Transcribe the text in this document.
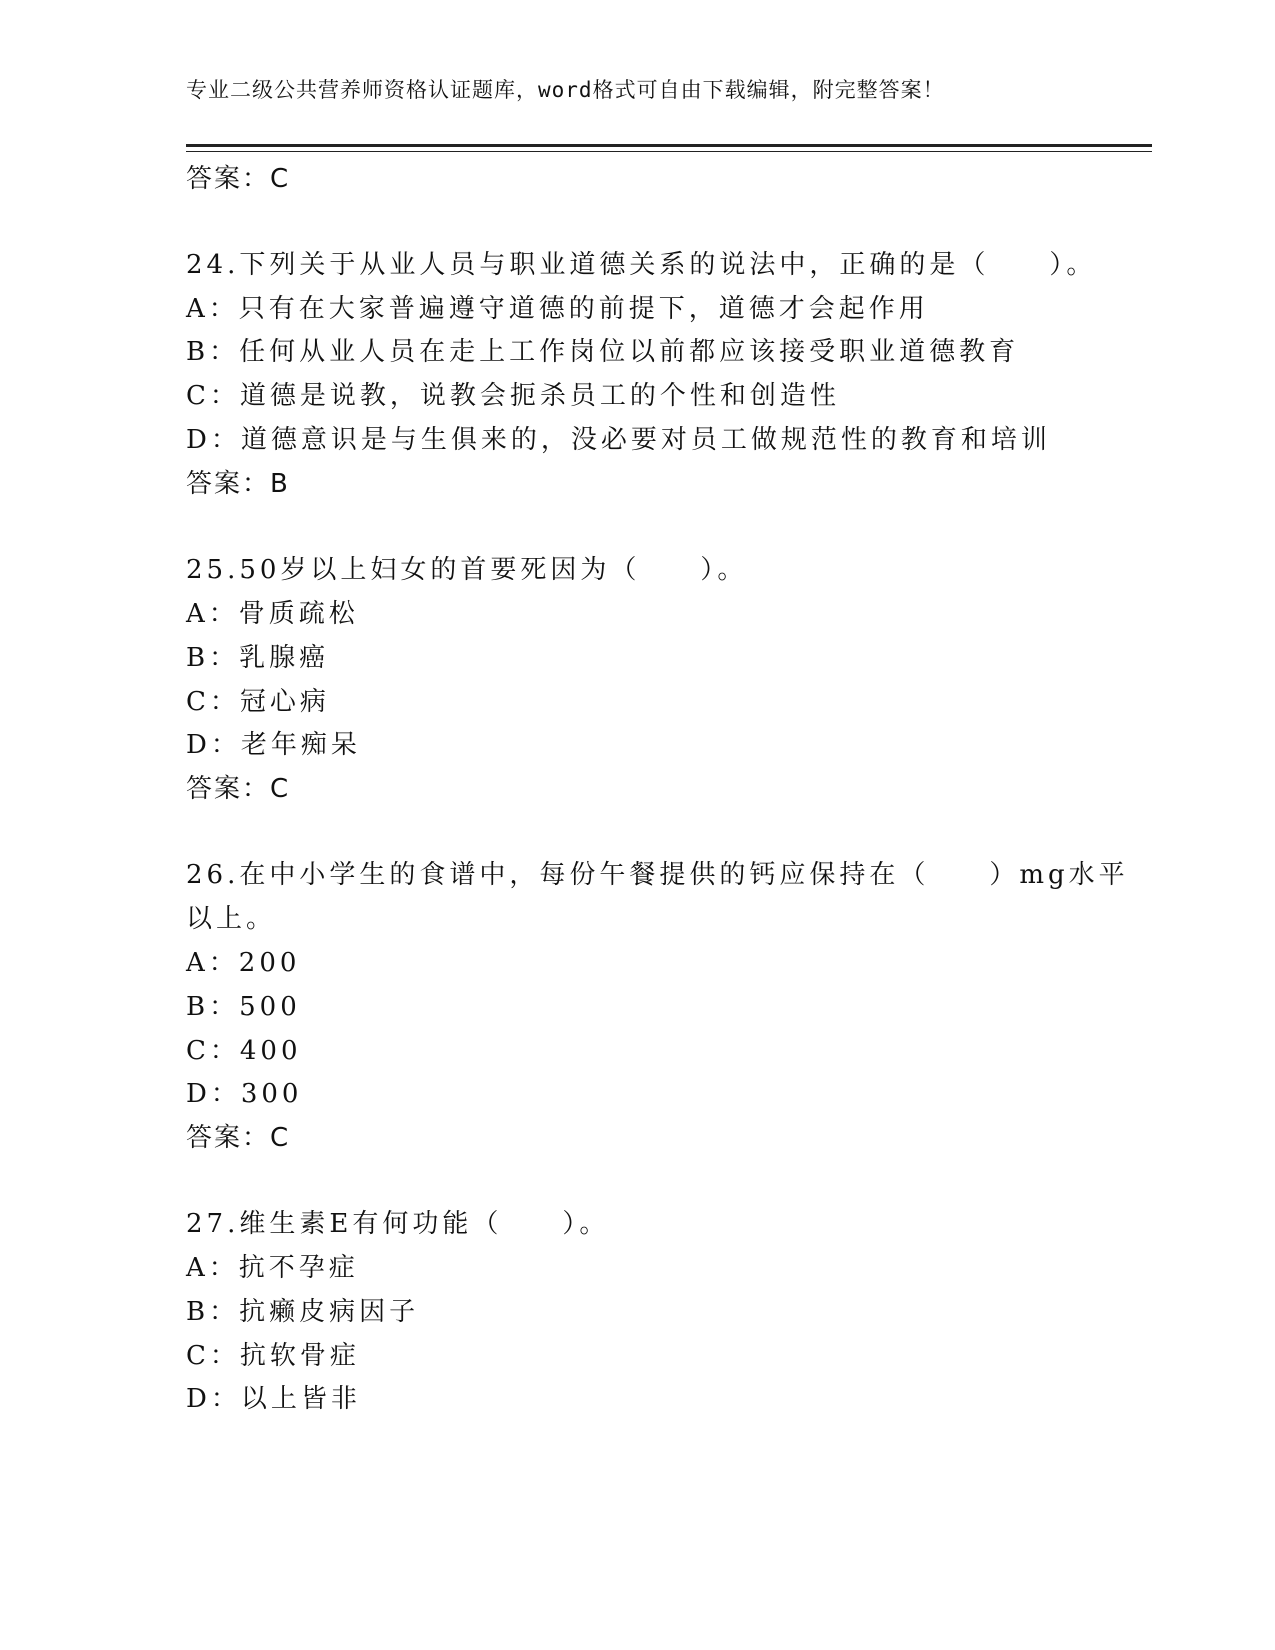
专业二级公共营养师资格认证题库，word格式可自由下载编辑，附完整答案！
答案：C
24.下列关于从业人员与职业道德关系的说法中，正确的是（　　）。
A：只有在大家普遍遵守道德的前提下，道德才会起作用
B：任何从业人员在走上工作岗位以前都应该接受职业道德教育
C：道德是说教，说教会扼杀员工的个性和创造性
D：道德意识是与生俱来的，没必要对员工做规范性的教育和培训
答案：B
25.50岁以上妇女的首要死因为（　　）。
A：骨质疏松
B：乳腺癌
C：冠心病
D：老年痴呆
答案：C
26.在中小学生的食谱中，每份午餐提供的钙应保持在（　　）mg水平
以上。
A：200
B：500
C：400
D：300
答案：C
27.维生素E有何功能（　　）。
A：抗不孕症
B：抗癞皮病因子
C：抗软骨症
D：以上皆非
